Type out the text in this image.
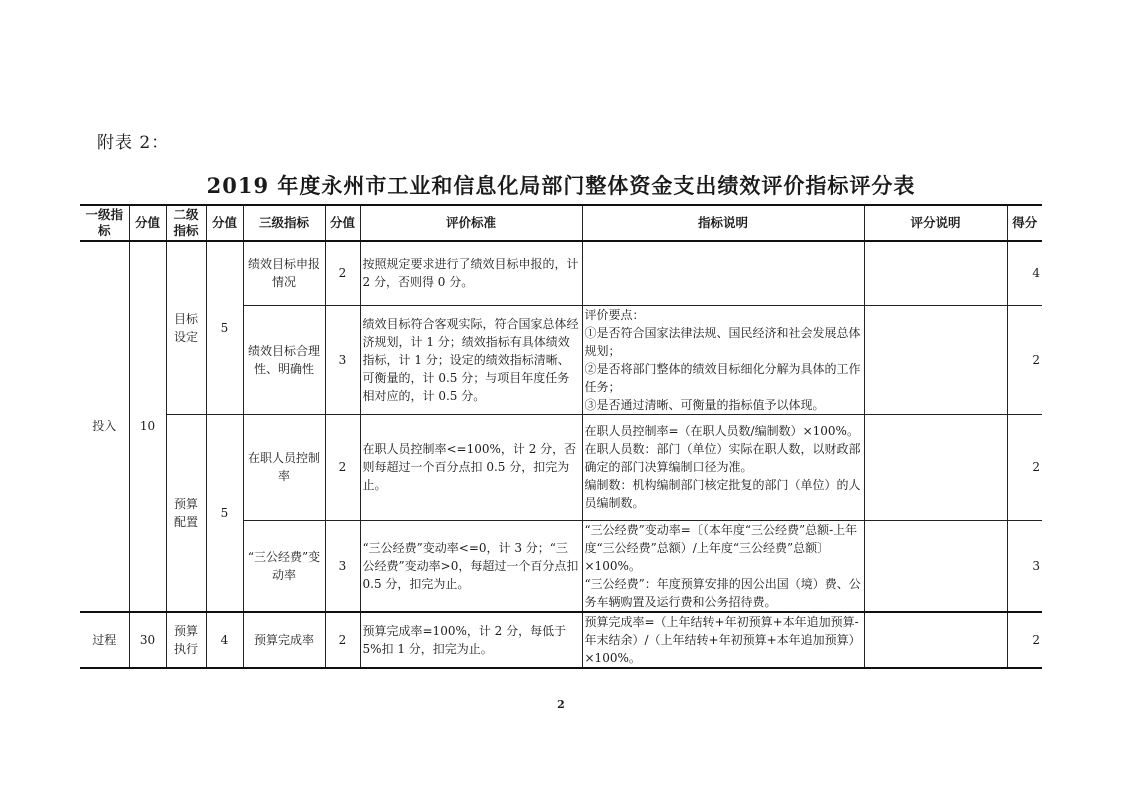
附表 2：
2019 年度永州市工业和信息化局部门整体资金支出绩效评价指标评分表
一级指标	分值	二级指标	分值	三级指标	分值	评价标准	指标说明	评分说明	得分
投入	10	目标设定	5	绩效目标申报情况	2	按照规定要求进行了绩效目标申报的，计 2 分，否则得 0 分。			4
				绩效目标合理性、明确性	3	绩效目标符合客观实际，符合国家总体经济规划，计 1 分；绩效指标有具体绩效指标，计 1 分；设定的绩效指标清晰、可衡量的，计 0.5 分；与项目年度任务相对应的，计 0.5 分。	评价要点：
①是否符合国家法律法规、国民经济和社会发展总体规划；
②是否将部门整体的绩效目标细化分解为具体的工作任务；
③是否通过清晰、可衡量的指标值予以体现。		2
		预算配置	5	在职人员控制率	2	在职人员控制率<=100%，计 2 分，否则每超过一个百分点扣 0.5 分，扣完为止。	在职人员控制率=（在职人员数/编制数）×100%。
在职人员数：部门（单位）实际在职人数，以财政部确定的部门决算编制口径为准。
编制数：机构编制部门核定批复的部门（单位）的人员编制数。		2
				“三公经费”变动率	3	“三公经费”变动率<=0，计 3 分；“三公经费”变动率>0，每超过一个百分点扣 0.5 分，扣完为止。	“三公经费”变动率=〔（本年度“三公经费”总额-上年度“三公经费”总额）/上年度“三公经费”总额〕×100%。
“三公经费”：年度预算安排的因公出国（境）费、公务车辆购置及运行费和公务招待费。		3
过程	30	预算执行	4	预算完成率	2	预算完成率=100%，计 2 分，每低于 5%扣 1 分，扣完为止。	预算完成率=（上年结转+年初预算+本年追加预算-年末结余）/（上年结转+年初预算+本年追加预算）×100%。		2
2
